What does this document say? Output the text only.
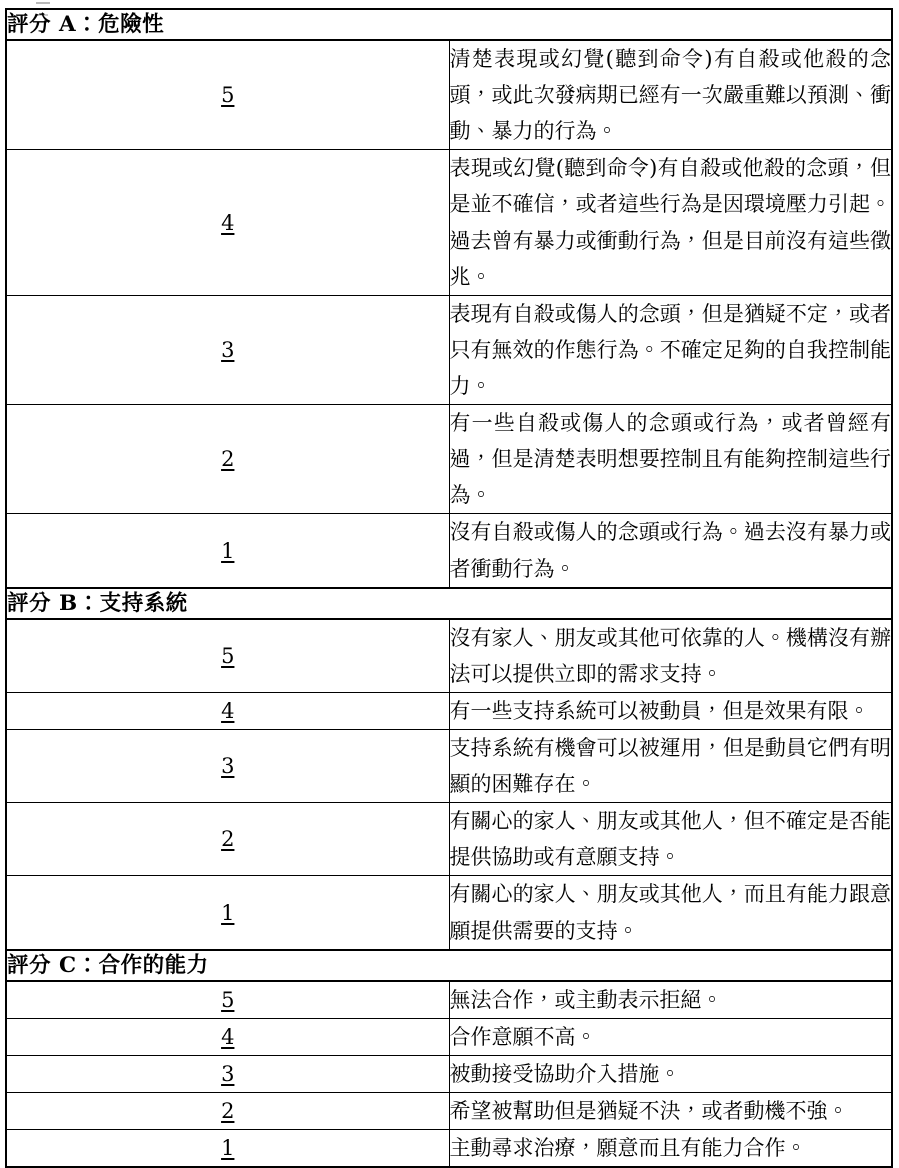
評分 A：危險性	
5	清楚表現或幻覺(聽到命令)有自殺或他殺的念頭，或此次發病期已經有一次嚴重難以預測、衝動、暴力的行為。
4	表現或幻覺(聽到命令)有自殺或他殺的念頭，但是並不確信，或者這些行為是因環境壓力引起。過去曾有暴力或衝動行為，但是目前沒有這些徵兆。
3	表現有自殺或傷人的念頭，但是猶疑不定，或者只有無效的作態行為。不確定足夠的自我控制能力。
2	有一些自殺或傷人的念頭或行為，或者曾經有過，但是清楚表明想要控制且有能夠控制這些行為。
1	沒有自殺或傷人的念頭或行為。過去沒有暴力或者衝動行為。
評分 B：支持系統	
5	沒有家人、朋友或其他可依靠的人。機構沒有辦法可以提供立即的需求支持。
4	有一些支持系統可以被動員，但是效果有限。
3	支持系統有機會可以被運用，但是動員它們有明顯的困難存在。
2	有關心的家人、朋友或其他人，但不確定是否能提供協助或有意願支持。
1	有關心的家人、朋友或其他人，而且有能力跟意願提供需要的支持。
評分 C：合作的能力	
5	無法合作，或主動表示拒絕。
4	合作意願不高。
3	被動接受協助介入措施。
2	希望被幫助但是猶疑不決，或者動機不強。
1	主動尋求治療，願意而且有能力合作。
